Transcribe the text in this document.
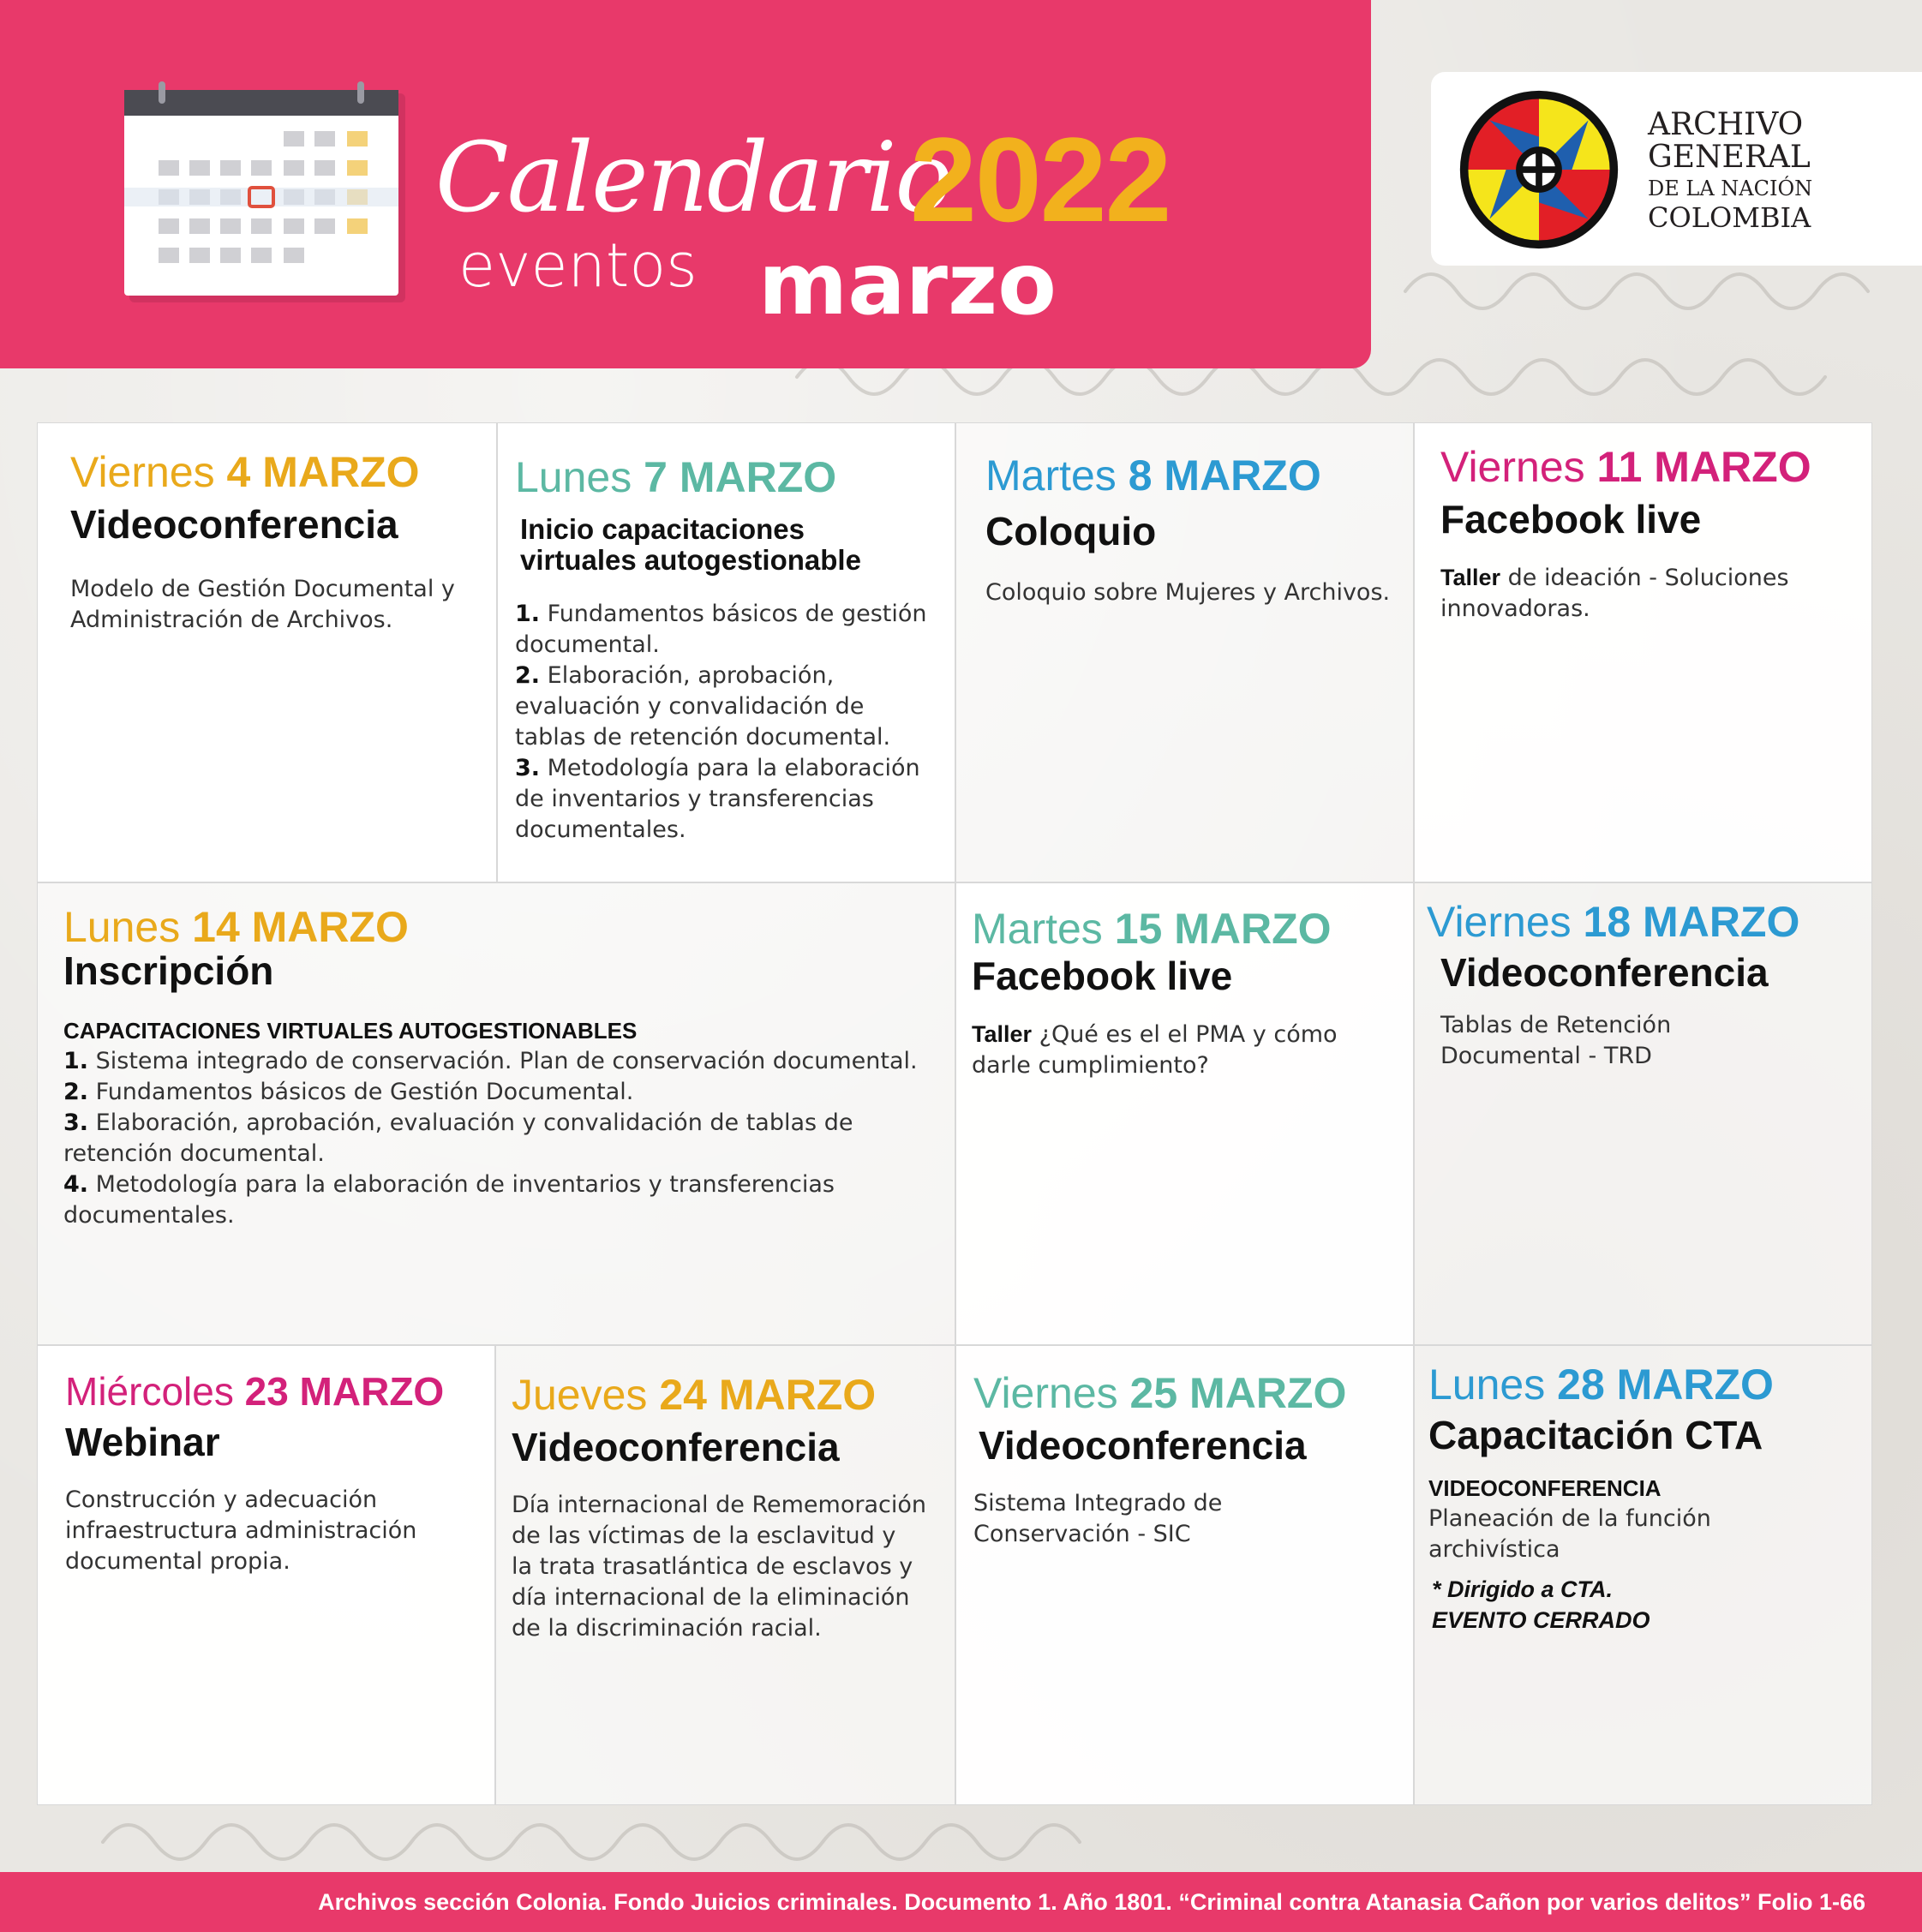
Calendario
2022
eventos marzo
ARCHIVO
GENERAL
DE LA NACIÓN
COLOMBIA
Viernes 4 MARZO
Videoconferencia
Modelo de Gestión Documental y
Administración de Archivos.
Lunes 7 MARZO
Inicio capacitaciones
virtuales autogestionable
1. Fundamentos básicos de gestión
documental.
2. Elaboración, aprobación,
evaluación y convalidación de
tablas de retención documental.
3. Metodología para la elaboración
de inventarios y transferencias
documentales.
Martes 8 MARZO
Coloquio
Coloquio sobre Mujeres y Archivos.
Viernes 11 MARZO
Facebook live
Taller de ideación - Soluciones
innovadoras.
Lunes 14 MARZO
Inscripción
CAPACITACIONES VIRTUALES AUTOGESTIONABLES
1. Sistema integrado de conservación. Plan de conservación documental.
2. Fundamentos básicos de Gestión Documental.
3. Elaboración, aprobación, evaluación y convalidación de tablas de
retención documental.
4. Metodología para la elaboración de inventarios y transferencias
documentales.
Martes 15 MARZO
Facebook live
Taller ¿Qué es el el PMA y cómo
darle cumplimiento?
Viernes 18 MARZO
Videoconferencia
Tablas de Retención
Documental - TRD
Miércoles 23 MARZO
Webinar
Construcción y adecuación
infraestructura administración
documental propia.
Jueves 24 MARZO
Videoconferencia
Día internacional de Rememoración
de las víctimas de la esclavitud y
la trata trasatlántica de esclavos y
día internacional de la eliminación
de la discriminación racial.
Viernes 25 MARZO
Videoconferencia
Sistema Integrado de
Conservación - SIC
Lunes 28 MARZO
Capacitación CTA
VIDEOCONFERENCIA
Planeación de la función
archivística
* Dirigido a CTA.
EVENTO CERRADO
Archivos sección Colonia. Fondo Juicios criminales. Documento 1. Año 1801. “Criminal contra Atanasia Cañon por varios delitos” Folio 1-66
